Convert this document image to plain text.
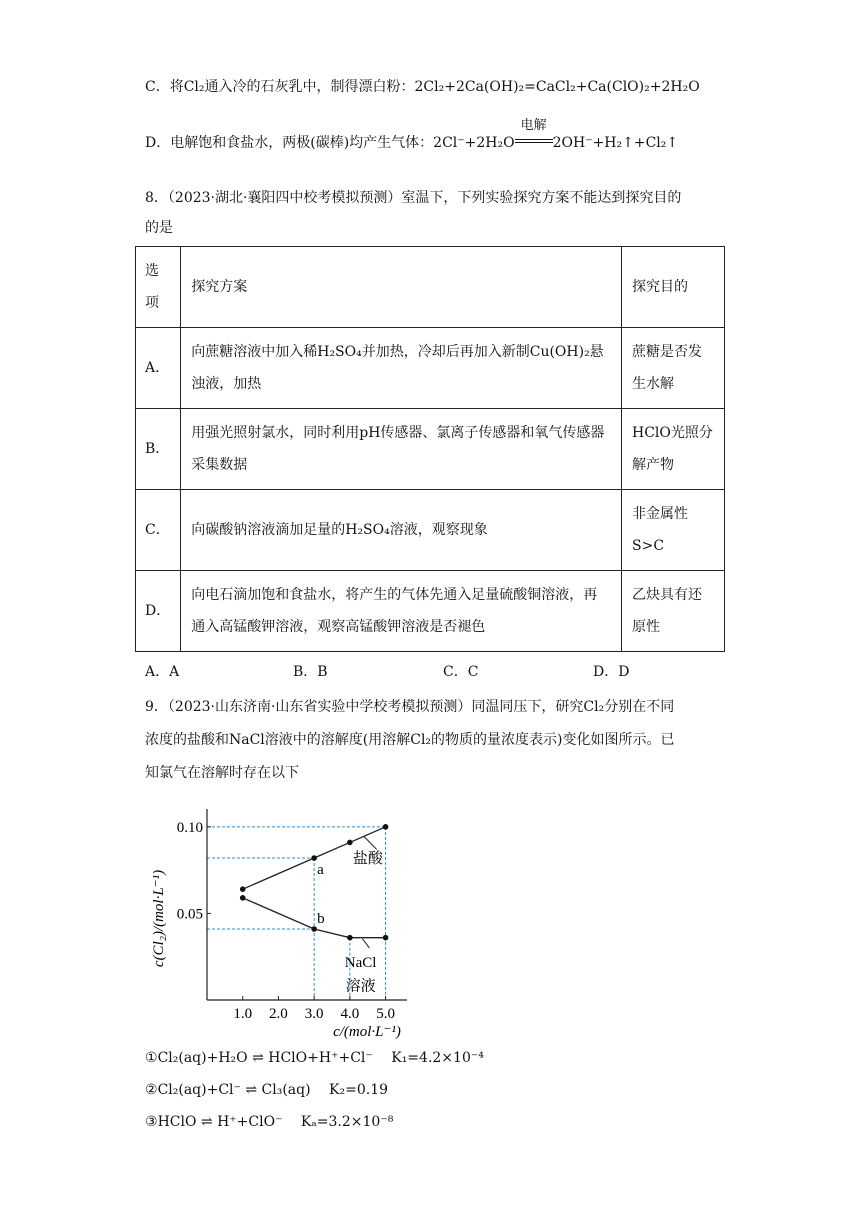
C．将Cl₂通入冷的石灰乳中，制得漂白粉：2Cl₂+2Ca(OH)₂=CaCl₂+Ca(ClO)₂+2H₂O
D．电解饱和食盐水，两极(碳棒)均产生气体：2Cl⁻+2H₂O
电解
2OH⁻+H₂↑+Cl₂↑
8．（2023·湖北·襄阳四中校考模拟预测）室温下，下列实验探究方案不能达到探究目的
的是
选项	探究方案	探究目的
A．	向蔗糖溶液中加入稀H₂SO₄并加热，冷却后再加入新制Cu(OH)₂悬浊液，加热	蔗糖是否发生水解
B．	用强光照射氯水，同时利用pH传感器、氯离子传感器和氧气传感器采集数据	HClO光照分解产物
C．	向碳酸钠溶液滴加足量的H₂SO₄溶液，观察现象	非金属性S>C
D．	向电石滴加饱和食盐水，将产生的气体先通入足量硫酸铜溶液，再通入高锰酸钾溶液，观察高锰酸钾溶液是否褪色	乙炔具有还原性
A．A	B．B	C．C	D．D
9．（2023·山东济南·山东省实验中学校考模拟预测）同温同压下，研究Cl₂分别在不同
浓度的盐酸和NaCl溶液中的溶解度(用溶解Cl₂的物质的量浓度表示)变化如图所示。已
知氯气在溶解时存在以下
1.0 2.0 3.0 4.0 5.0
0.05
0.10
c/(mol·L⁻¹)
c(Cl₂)/(mol·L⁻¹)	a
b
盐酸
NaCl
溶液
①Cl₂(aq)+H₂O ⇌ HClO+H⁺+Cl⁻ K₁=4.2×10⁻⁴
②Cl₂(aq)+Cl⁻ ⇌ Cl₃(aq) K₂=0.19
③HClO ⇌ H⁺+ClO⁻ Kₐ=3.2×10⁻⁸
